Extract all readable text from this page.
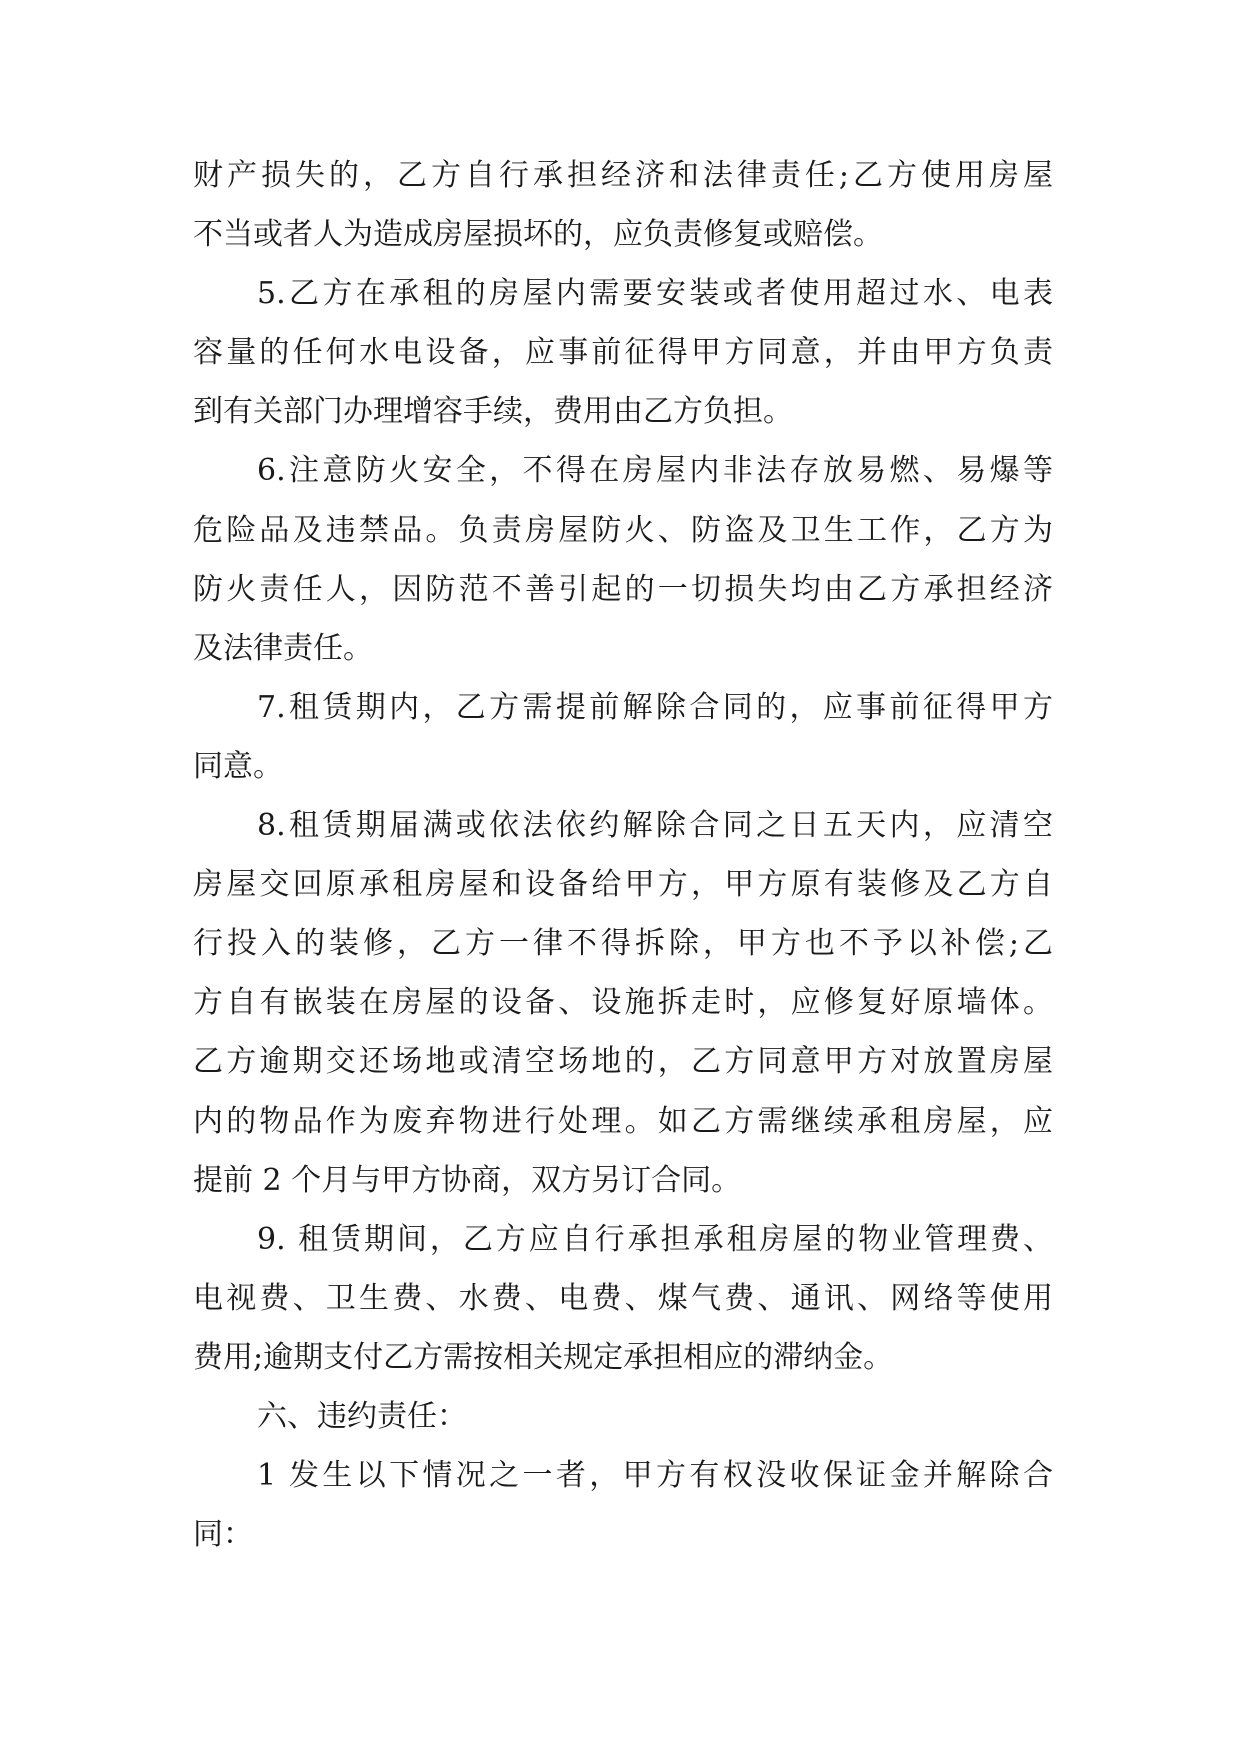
财产损失的，乙方自行承担经济和法律责任;乙方使用房屋
不当或者人为造成房屋损坏的，应负责修复或赔偿。
5.乙方在承租的房屋内需要安装或者使用超过水、电表
容量的任何水电设备，应事前征得甲方同意，并由甲方负责
到有关部门办理增容手续，费用由乙方负担。
6.注意防火安全，不得在房屋内非法存放易燃、易爆等
危险品及违禁品。负责房屋防火、防盗及卫生工作，乙方为
防火责任人，因防范不善引起的一切损失均由乙方承担经济
及法律责任。
7.租赁期内，乙方需提前解除合同的，应事前征得甲方
同意。
8.租赁期届满或依法依约解除合同之日五天内，应清空
房屋交回原承租房屋和设备给甲方，甲方原有装修及乙方自
行投入的装修，乙方一律不得拆除，甲方也不予以补偿;乙
方自有嵌装在房屋的设备、设施拆走时，应修复好原墙体。
乙方逾期交还场地或清空场地的，乙方同意甲方对放置房屋
内的物品作为废弃物进行处理。如乙方需继续承租房屋，应
提前 2 个月与甲方协商，双方另订合同。
9. 租赁期间，乙方应自行承担承租房屋的物业管理费、
电视费、卫生费、水费、电费、煤气费、通讯、网络等使用
费用;逾期支付乙方需按相关规定承担相应的滞纳金。
六、违约责任：
1 发生以下情况之一者，甲方有权没收保证金并解除合
同：
